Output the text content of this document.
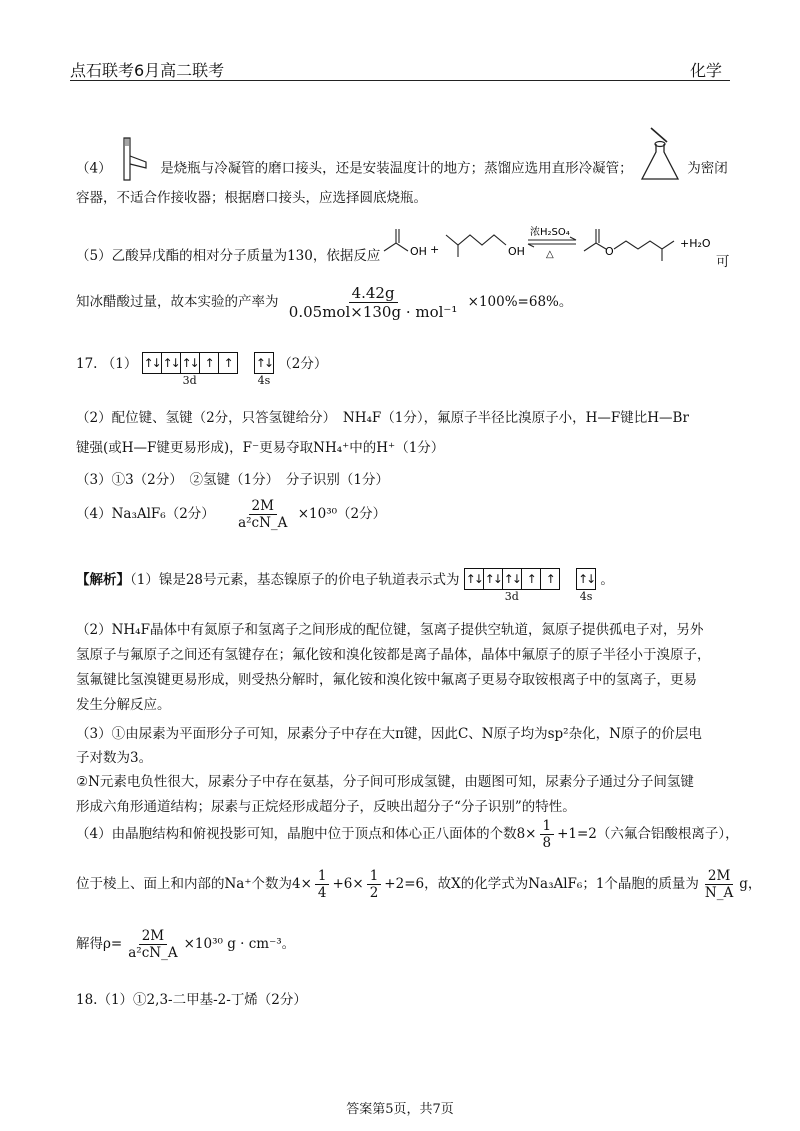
点石联考6月高二联考	化学
（4）	是烧瓶与冷凝管的磨口接头，还是安装温度计的地方；蒸馏应选用直形冷凝管；	为密闭
容器，不适合作接收器；根据磨口接头，应选择圆底烧瓶。
（5）乙酸异戊酯的相对分子质量为130，依据反应	OH +	OH
浓H₂SO₄
△	O
+H₂O
可
知冰醋酸过量，故本实验的产率为	4.42g
0.05mol×130g · mol⁻¹
×100%=68%。
17. （1） ↑↓ ↑↓ ↑↓ ↑ ↑
3d

↑↓
4s
（2分）
（2）配位键、氢键（2分，只答氢键给分）　NH₄F（1分），氟原子半径比溴原子小，H—F键比H—Br
键强(或H—F键更易形成)，F⁻更易夺取NH₄⁺中的H⁺（1分）
（3）①3（2分）　②氢键（1分）　分子识别（1分）
（4）Na₃AlF₆（2分） $\frac{2M}{\text{a²cN\_A}} \times 10^{30}(2$分）
【解析】（1）镍是28号元素，基态镍原子的价电子轨道表示式为 ↑↓ ↑↓ ↑↓ ↑ ↑
3d

↑↓
4s
。
（2）NH₄F晶体中有氮原子和氢离子之间形成的配位键，氢离子提供空轨道，氮原子提供孤电子对，另外
氢原子与氟原子之间还有氢键存在；氟化铵和溴化铵都是离子晶体，晶体中氟原子的原子半径小于溴原子，
氢氟键比氢溴键更易形成，则受热分解时，氟化铵和溴化铵中氟离子更易夺取铵根离子中的氢离子，更易
发生分解反应。
（3）①由尿素为平面形分子可知，尿素分子中存在大π键，因此C、N原子均为sp²杂化，N原子的价层电
子对数为3。
②N元素电负性很大，尿素分子中存在氨基，分子间可形成氢键，由题图可知，尿素分子通过分子间氢键
形成六角形通道结构；尿素与正烷烃形成超分子，反映出超分子“分子识别”的特性。
（4）由晶胞结构和俯视投影可知，晶胞中位于顶点和体心正八面体的个数$8\times \frac{1}{8} +1=2$（六氟合铝酸根离子），
位于棱上、面上和内部的Na⁺个数为$4\times \frac{1}{4} +6\times \frac{1}{2} +2=6$，故X的化学式为Na₃AlF₆；1个晶胞的质量为 $\frac{2M}{N\_A}$ g，
解得$\rho= \frac{2M}{\text{a²cN\_A}} \times 10^{30}$ g · cm⁻³。
18.（1）①2,3-二甲基-2-丁烯（2分）
答案第5页，共7页
